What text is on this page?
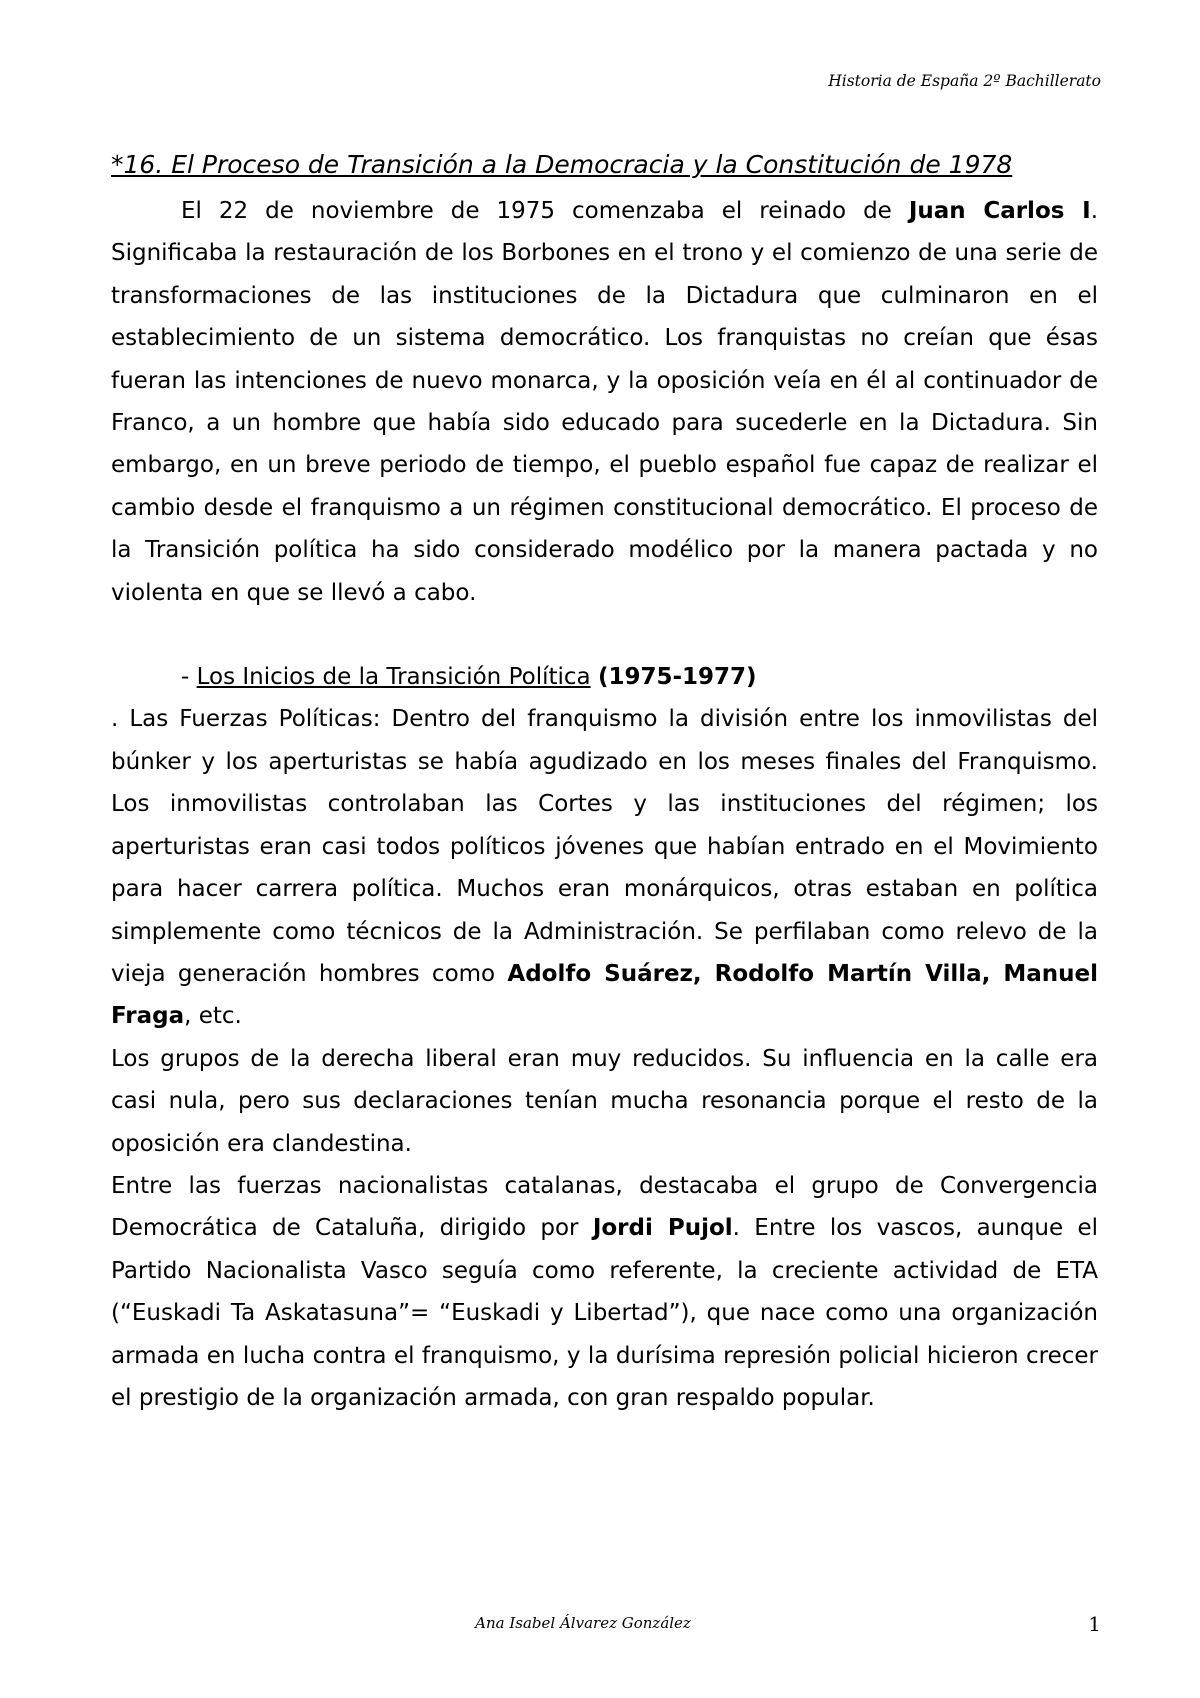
Historia de España 2º Bachillerato
*16. El Proceso de Transición a la Democracia y la Constitución de 1978

El 22 de noviembre de 1975 comenzaba el reinado de Juan Carlos I. Significaba la restauración de los Borbones en el trono y el comienzo de una serie de transformaciones de las instituciones de la Dictadura que culminaron en el establecimiento de un sistema democrático. Los franquistas no creían que ésas fueran las intenciones de nuevo monarca, y la oposición veía en él al continuador de Franco, a un hombre que había sido educado para sucederle en la Dictadura. Sin embargo, en un breve periodo de tiempo, el pueblo español fue capaz de realizar el cambio desde el franquismo a un régimen constitucional democrático. El proceso de la Transición política ha sido considerado modélico por la manera pactada y no violenta en que se llevó a cabo.

- Los Inicios de la Transición Política (1975-1977)

. Las Fuerzas Políticas: Dentro del franquismo la división entre los inmovilistas del búnker y los aperturistas se había agudizado en los meses finales del Franquismo. Los inmovilistas controlaban las Cortes y las instituciones del régimen; los aperturistas eran casi todos políticos jóvenes que habían entrado en el Movimiento para hacer carrera política. Muchos eran monárquicos, otras estaban en política simplemente como técnicos de la Administración. Se perfilaban como relevo de la vieja generación hombres como Adolfo Suárez, Rodolfo Martín Villa, Manuel Fraga, etc.

Los grupos de la derecha liberal eran muy reducidos. Su influencia en la calle era casi nula, pero sus declaraciones tenían mucha resonancia porque el resto de la oposición era clandestina.

Entre las fuerzas nacionalistas catalanas, destacaba el grupo de Convergencia Democrática de Cataluña, dirigido por Jordi Pujol. Entre los vascos, aunque el Partido Nacionalista Vasco seguía como referente, la creciente actividad de ETA (“Euskadi Ta Askatasuna”= “Euskadi y Libertad”), que nace como una organización armada en lucha contra el franquismo, y la durísima represión policial hicieron crecer el prestigio de la organización armada, con gran respaldo popular.

Ana Isabel Álvarez González	1
